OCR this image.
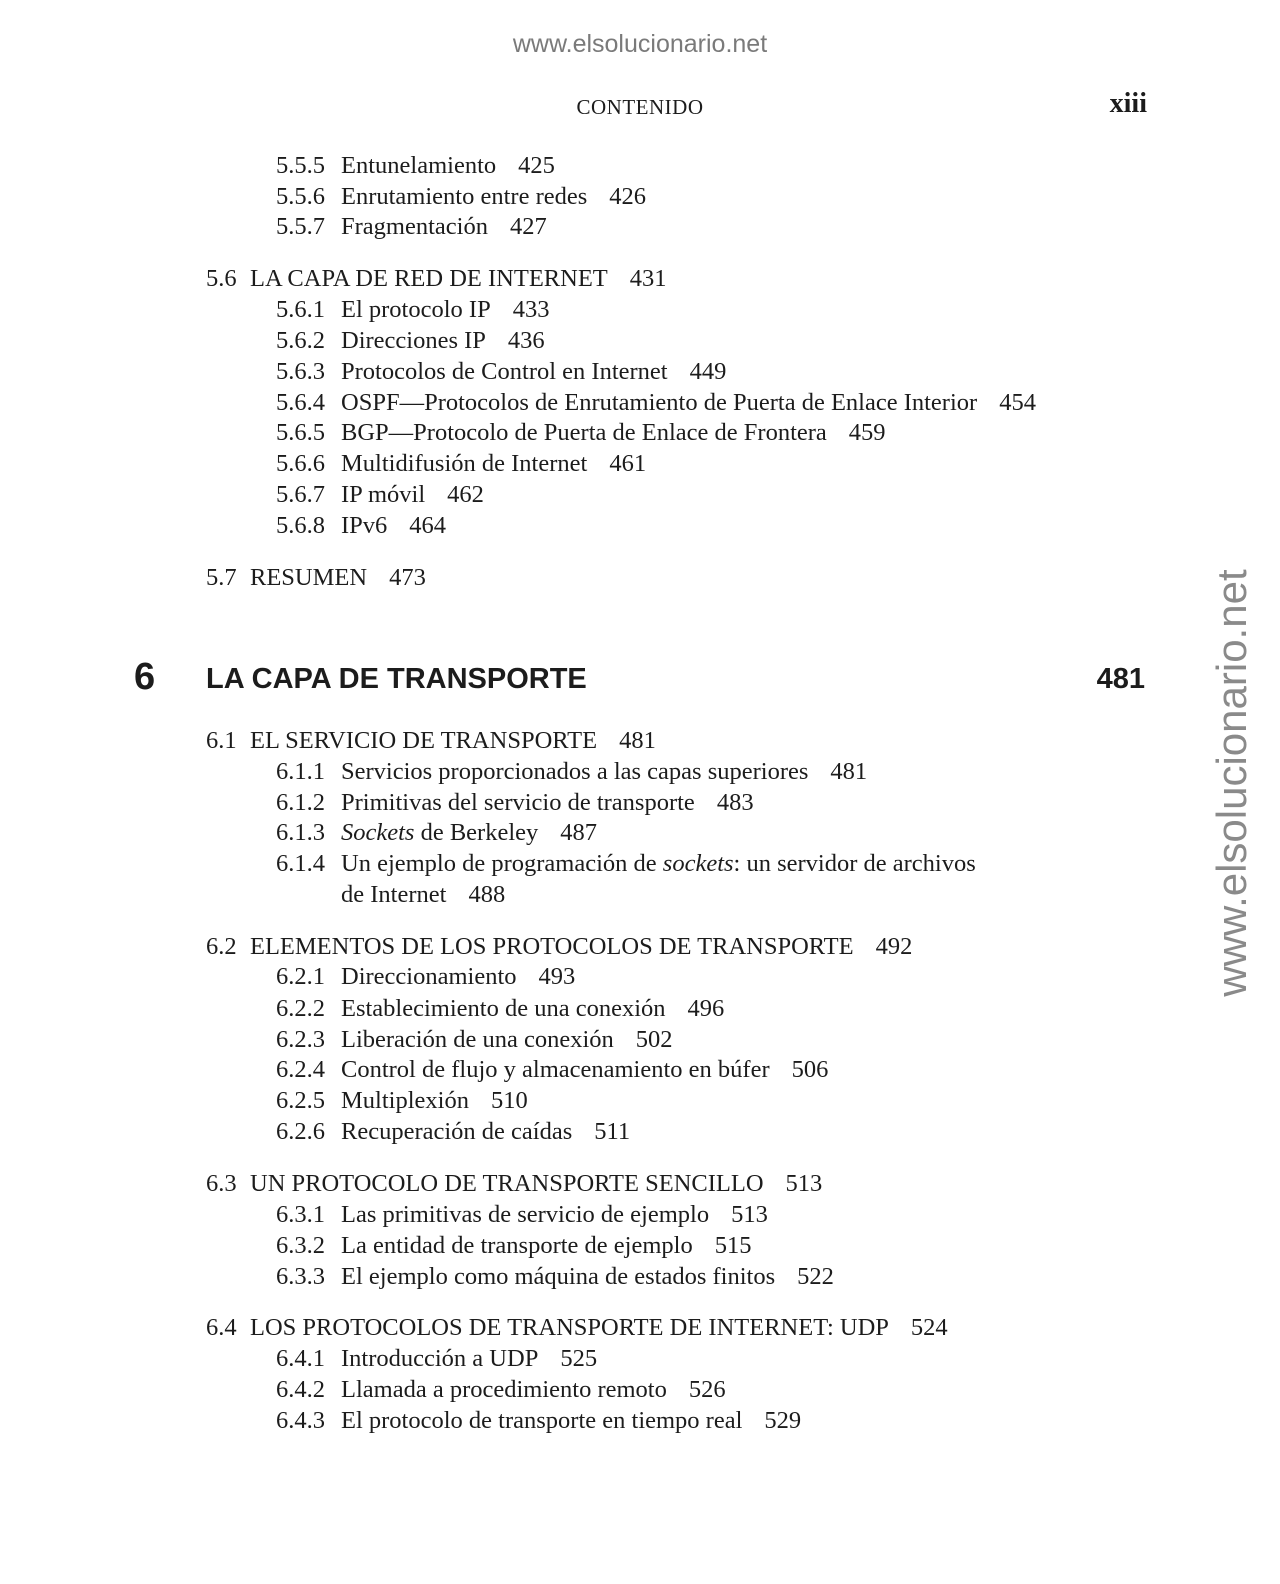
www.elsolucionario.net
www.elsolucionario.net
CONTENIDO	xiii
5.5.5 Entunelamiento 425
5.5.6 Enrutamiento entre redes 426
5.5.7 Fragmentación 427
5.6 LA CAPA DE RED DE INTERNET 431
5.6.1 El protocolo IP 433
5.6.2 Direcciones IP 436
5.6.3 Protocolos de Control en Internet 449
5.6.4 OSPF—Protocolos de Enrutamiento de Puerta de Enlace Interior 454
5.6.5 BGP—Protocolo de Puerta de Enlace de Frontera 459
5.6.6 Multidifusión de Internet 461
5.6.7 IP móvil 462
5.6.8 IPv6 464
5.7 RESUMEN 473
6 LA CAPA DE TRANSPORTE	481
6.1 EL SERVICIO DE TRANSPORTE 481
6.1.1 Servicios proporcionados a las capas superiores 481
6.1.2 Primitivas del servicio de transporte 483
6.1.3 Sockets de Berkeley 487
6.1.4 Un ejemplo de programación de sockets: un servidor de archivos
de Internet 488
6.2 ELEMENTOS DE LOS PROTOCOLOS DE TRANSPORTE 492
6.2.1 Direccionamiento 493
6.2.2 Establecimiento de una conexión 496
6.2.3 Liberación de una conexión 502
6.2.4 Control de flujo y almacenamiento en búfer 506
6.2.5 Multiplexión 510
6.2.6 Recuperación de caídas 511
6.3 UN PROTOCOLO DE TRANSPORTE SENCILLO 513
6.3.1 Las primitivas de servicio de ejemplo 513
6.3.2 La entidad de transporte de ejemplo 515
6.3.3 El ejemplo como máquina de estados finitos 522
6.4 LOS PROTOCOLOS DE TRANSPORTE DE INTERNET: UDP 524
6.4.1 Introducción a UDP 525
6.4.2 Llamada a procedimiento remoto 526
6.4.3 El protocolo de transporte en tiempo real 529
